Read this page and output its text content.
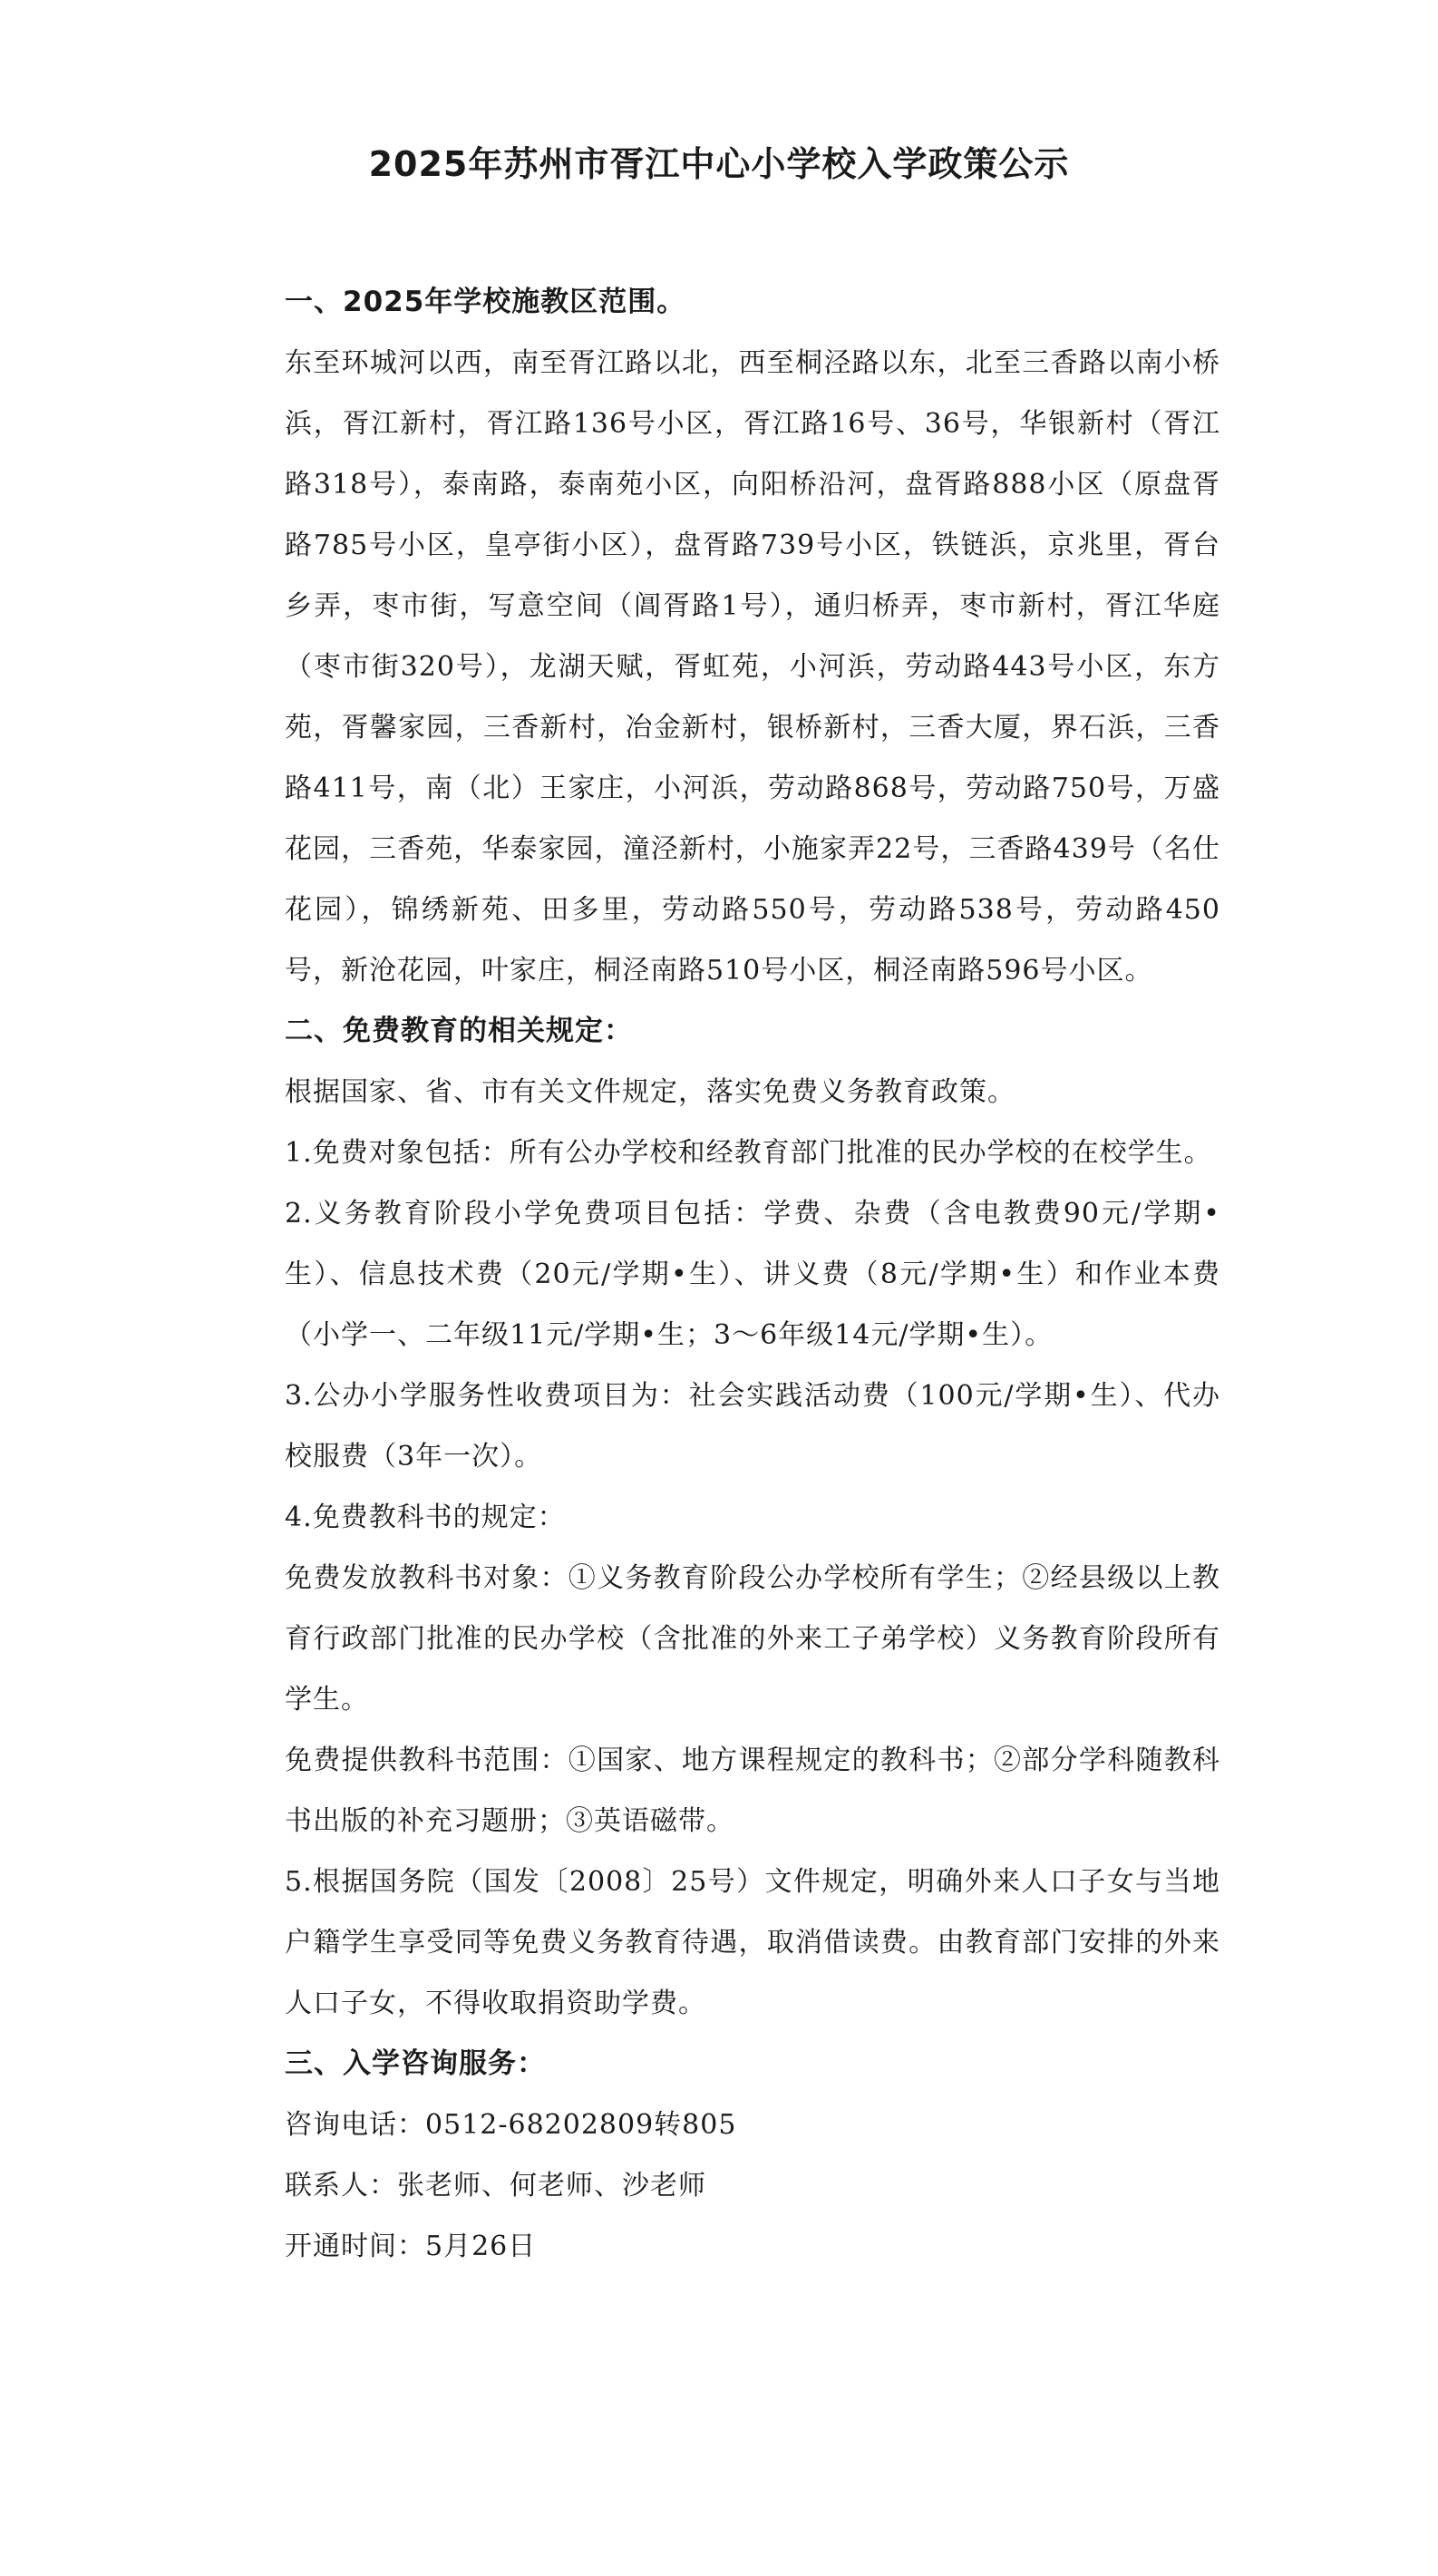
2025年苏州市胥江中心小学校入学政策公示

一、2025年学校施教区范围。

东至环城河以西，南至胥江路以北，西至桐泾路以东，北至三香路以南小桥浜，胥江新村，胥江路136号小区，胥江路16号、36号，华银新村（胥江路318号），泰南路，泰南苑小区，向阳桥沿河，盘胥路888小区（原盘胥路785号小区，皇亭街小区），盘胥路739号小区，铁链浜，京兆里，胥台乡弄，枣市街，写意空间（阊胥路1号），通归桥弄，枣市新村，胥江华庭（枣市街320号），龙湖天赋，胥虹苑，小河浜，劳动路443号小区，东方苑，胥馨家园，三香新村，冶金新村，银桥新村，三香大厦，界石浜，三香路411号，南（北）王家庄，小河浜，劳动路868号，劳动路750号，万盛花园，三香苑，华泰家园，潼泾新村，小施家弄22号，三香路439号（名仕花园），锦绣新苑、田多里，劳动路550号，劳动路538号，劳动路450号，新沧花园，叶家庄，桐泾南路510号小区，桐泾南路596号小区。

二、免费教育的相关规定：

根据国家、省、市有关文件规定，落实免费义务教育政策。

1.免费对象包括：所有公办学校和经教育部门批准的民办学校的在校学生。

2.义务教育阶段小学免费项目包括：学费、杂费（含电教费90元/学期•生）、信息技术费（20元/学期•生）、讲义费（8元/学期•生）和作业本费（小学一、二年级11元/学期•生；3～6年级14元/学期•生）。

3.公办小学服务性收费项目为：社会实践活动费（100元/学期•生）、代办校服费（3年一次）。

4.免费教科书的规定：

免费发放教科书对象：①义务教育阶段公办学校所有学生；②经县级以上教育行政部门批准的民办学校（含批准的外来工子弟学校）义务教育阶段所有学生。

免费提供教科书范围：①国家、地方课程规定的教科书；②部分学科随教科书出版的补充习题册；③英语磁带。

5.根据国务院（国发〔2008〕25号）文件规定，明确外来人口子女与当地户籍学生享受同等免费义务教育待遇，取消借读费。由教育部门安排的外来人口子女，不得收取捐资助学费。

三、入学咨询服务：

咨询电话：0512-68202809转805

联系人：张老师、何老师、沙老师

开通时间：5月26日
